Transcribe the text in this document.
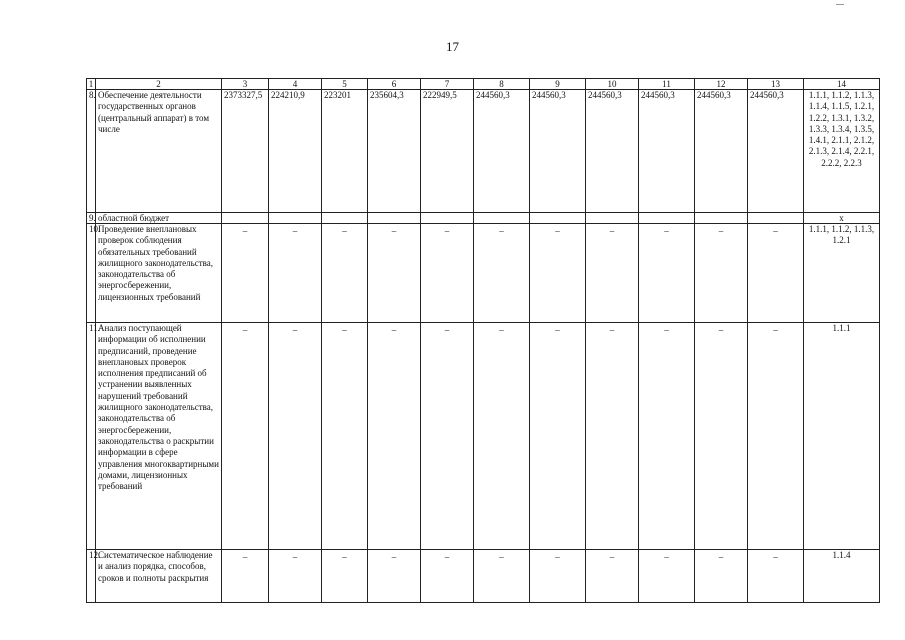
17
1	2	3	4	5	6	7	8	9	10	11	12	13	14
8.	Обеспечение деятельности государственных органов (центральный аппарат) в том числе	2373327,5	224210,9	223201	235604,3	222949,5	244560,3	244560,3	244560,3	244560,3	244560,3	244560,3	1.1.1, 1.1.2, 1.1.3, 1.1.4, 1.1.5, 1.2.1, 1.2.2, 1.3.1, 1.3.2, 1.3.3, 1.3.4, 1.3.5, 1.4.1, 2.1.1, 2.1.2, 2.1.3, 2.1.4, 2.2.1, 2.2.2, 2.2.3
9.	областной бюджет												х
10.	Проведение внеплановых проверок соблюдения обязательных требований жилищного законодательства, законодательства об энергосбережении, лицензионных требований	–	–	–	–	–	–	–	–	–	–	–	1.1.1, 1.1.2, 1.1.3, 1.2.1
11.	Анализ поступающей информации об исполнении предписаний, проведение внеплановых проверок исполнения предписаний об устранении выявленных нарушений требований жилищного законодательства, законодательства об энергосбережении, законодательства о раскрытии информации в сфере управления многоквартирными домами, лицензионных требований	–	–	–	–	–	–	–	–	–	–	–	1.1.1
12.	Систематическое наблюдение и анализ порядка, способов, сроков и полноты раскрытия	–	–	–	–	–	–	–	–	–	–	–	1.1.4
